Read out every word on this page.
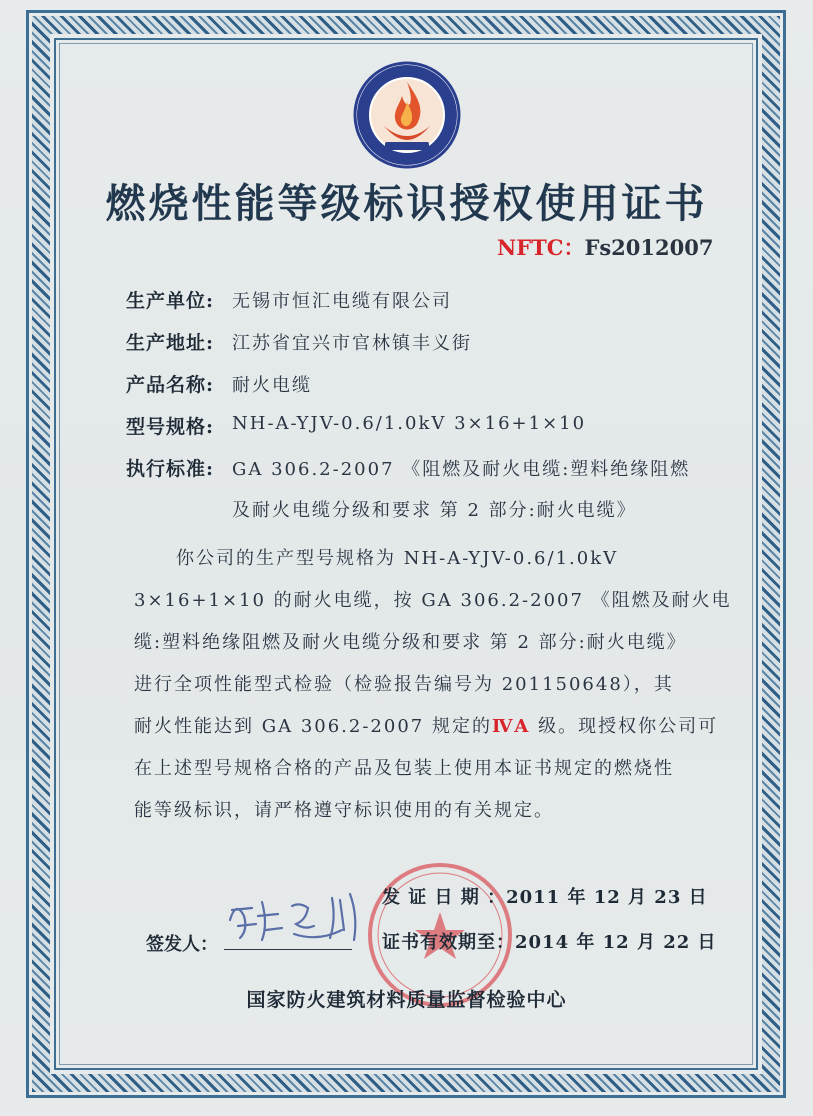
燃烧性能等级标识授权使用证书
NFTC：Fs2012007
生产单位: 无锡市恒汇电缆有限公司
生产地址: 江苏省宜兴市官林镇丰义街
产品名称: 耐火电缆
型号规格: NH-A-YJV-0.6/1.0kV 3×16+1×10
执行标准: GA 306.2-2007 《阻燃及耐火电缆:塑料绝缘阻燃
及耐火电缆分级和要求 第 2 部分:耐火电缆》
你公司的生产型号规格为 NH-A-YJV-0.6/1.0kV
3×16+1×10 的耐火电缆，按 GA 306.2-2007 《阻燃及耐火电
缆:塑料绝缘阻燃及耐火电缆分级和要求 第 2 部分:耐火电缆》
进行全项性能型式检验（检验报告编号为 201150648），其
耐火性能达到 GA 306.2-2007 规定的ⅣA 级。现授权你公司可
在上述型号规格合格的产品及包装上使用本证书规定的燃烧性
能等级标识，请严格遵守标识使用的有关规定。
发 证 日 期 ：2011 年 12 月 23 日
证书有效期至：2014 年 12 月 22 日
签发人：
国家防火建筑材料质量监督检验中心
